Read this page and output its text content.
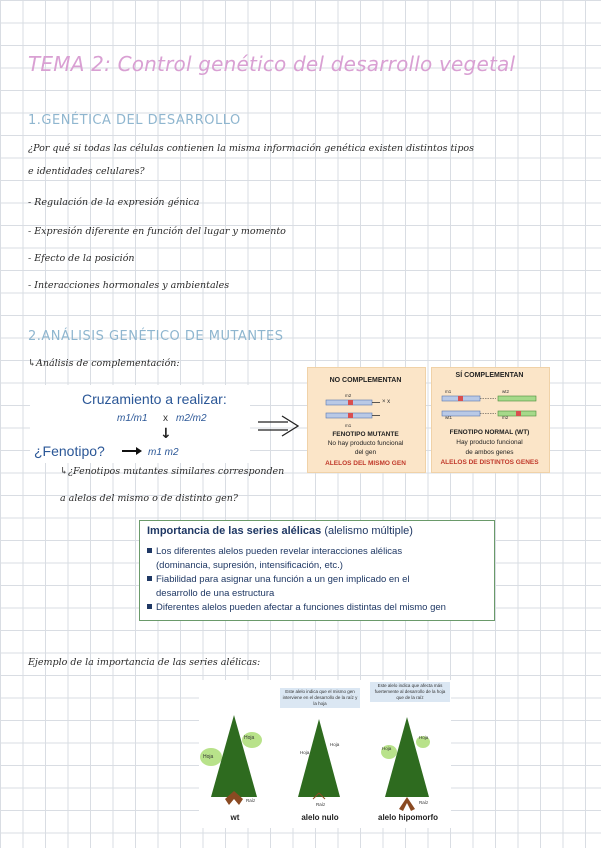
TEMA 2: Control genético del desarrollo vegetal
1.GENÉTICA DEL DESARROLLO
¿Por qué si todas las células contienen la misma información genética existen distintos tipos
e identidades celulares?
- Regulación de la expresión génica
- Expresión diferente en función del lugar y momento
- Efecto de la posición
- Interacciones hormonales y ambientales
2.ANÁLISIS GENÉTICO DE MUTANTES
↳Análisis de complementación:
Cruzamiento a realizar:
m1/m1 x m2/m2
↓
¿Fenotipo?	m1 m2
↳¿Fenotipos mutantes similares corresponden
a alelos del mismo o de distinto gen?
NO COMPLEMENTAN
m2
× x
m1
FENOTIPO MUTANTE
No hay producto funcional
del gen
ALELOS DEL MISMO GEN
SÍ COMPLEMENTAN
m1	wt2
wt1	m2
FENOTIPO NORMAL (WT)
Hay producto funcional
de ambos genes
ALELOS DE DISTINTOS GENES
Importancia de las series alélicas (alelismo múltiple)
Los diferentes alelos pueden revelar interacciones alélicas
(dominancia, supresión, intensificación, etc.)
Fiabilidad para asignar una función a un gen implicado en el
desarrollo de una estructura
Diferentes alelos pueden afectar a funciones distintas del mismo gen
Ejemplo de la importancia de las series alélicas:
Este alelo indica que el mismo gen interviene en el desarrollo de la raíz y la hoja
Este alelo indica que afecta más fuertemente al desarrollo de la hoja que de la raíz
Hoja
Hoja
Hoja
Hoja
Hoja
Hoja
Raíz
Raíz	Raíz
wt	alelo nulo	alelo hipomorfo
